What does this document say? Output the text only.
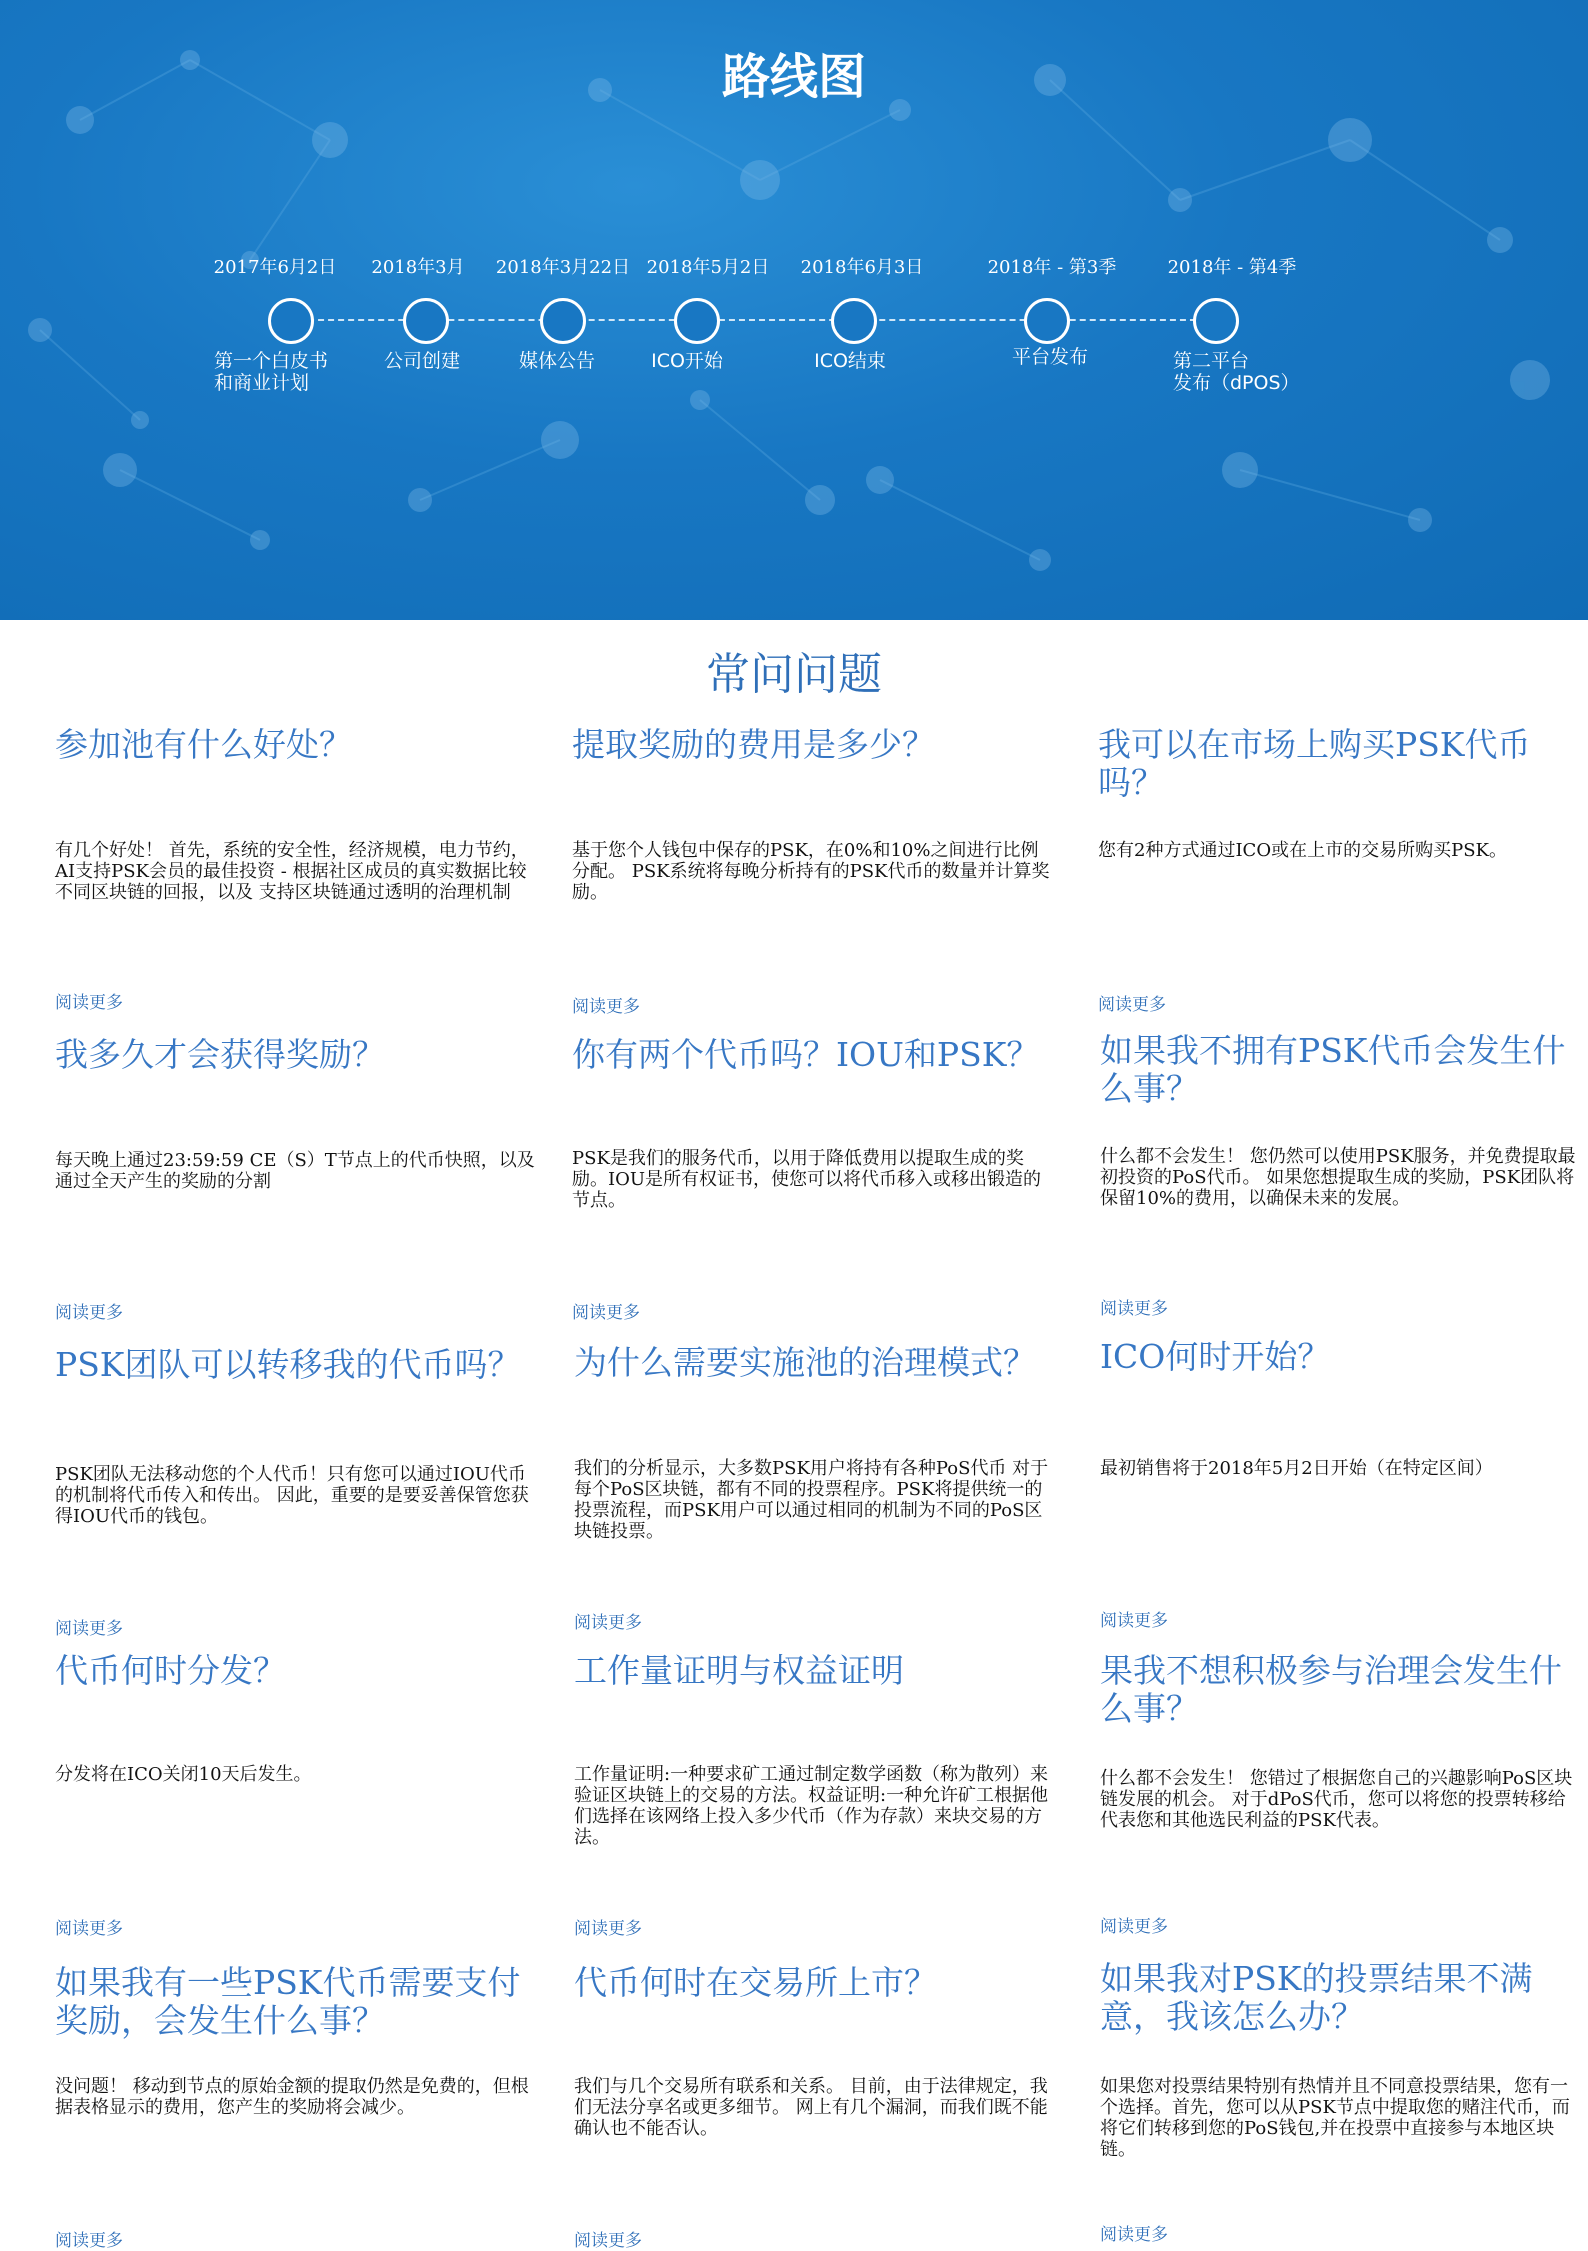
路线图
2017年6月2日
第一个白皮书
和商业计划
2018年3月
公司创建
2018年3月22日
媒体公告
2018年5月2日
ICO开始
2018年6月3日
ICO结束
2018年 - 第3季
平台发布
2018年 - 第4季
第二平台
发布（dPOS）
常问问题
参加池有什么好处？

有几个好处！ 首先，系统的安全性，经济规模，电力节约，AI支持PSK会员的最佳投资 - 根据社区成员的真实数据比较不同区块链的回报，以及 支持区块链通过透明的治理机制

阅读更多
提取奖励的费用是多少？

基于您个人钱包中保存的PSK，在0%和10%之间进行比例分配。 PSK系统将每晚分析持有的PSK代币的数量并计算奖励。

阅读更多
我可以在市场上购买PSK代币吗？

您有2种方式通过ICO或在上市的交易所购买PSK。

阅读更多
我多久才会获得奖励？

每天晚上通过23:59:59 CE（S）T节点上的代币快照，以及通过全天产生的奖励的分割

阅读更多
你有两个代币吗？IOU和PSK？

PSK是我们的服务代币，以用于降低费用以提取生成的奖励。IOU是所有权证书，使您可以将代币移入或移出锻造的节点。

阅读更多
如果我不拥有PSK代币会发生什么事？

什么都不会发生！ 您仍然可以使用PSK服务，并免费提取最初投资的PoS代币。 如果您想提取生成的奖励，PSK团队将保留10%的费用，以确保未来的发展。

阅读更多
PSK团队可以转移我的代币吗？

PSK团队无法移动您的个人代币！只有您可以通过IOU代币的机制将代币传入和传出。 因此，重要的是要妥善保管您获得IOU代币的钱包。

阅读更多
为什么需要实施池的治理模式？

我们的分析显示，大多数PSK用户将持有各种PoS代币 对于每个PoS区块链，都有不同的投票程序。PSK将提供统一的投票流程，而PSK用户可以通过相同的机制为不同的PoS区块链投票。

阅读更多
ICO何时开始？

最初销售将于2018年5月2日开始（在特定区间）

阅读更多
代币何时分发？

分发将在ICO关闭10天后发生。

阅读更多
工作量证明与权益证明

工作量证明:一种要求矿工通过制定数学函数（称为散列）来验证区块链上的交易的方法。权益证明:一种允许矿工根据他们选择在该网络上投入多少代币（作为存款）来块交易的方法。

阅读更多
果我不想积极参与治理会发生什么事？

什么都不会发生！ 您错过了根据您自己的兴趣影响PoS区块链发展的机会。 对于dPoS代币，您可以将您的投票转移给代表您和其他选民利益的PSK代表。

阅读更多
如果我有一些PSK代币需要支付奖励，会发生什么事？

没问题！ 移动到节点的原始金额的提取仍然是免费的，但根据表格显示的费用，您产生的奖励将会减少。

阅读更多
代币何时在交易所上市？

我们与几个交易所有联系和关系。 目前，由于法律规定，我们无法分享名或更多细节。 网上有几个漏洞，而我们既不能确认也不能否认。

阅读更多
如果我对PSK的投票结果不满意，我该怎么办？

如果您对投票结果特别有热情并且不同意投票结果，您有一个选择。首先，您可以从PSK节点中提取您的赌注代币，而将它们转移到您的PoS钱包,并在投票中直接参与本地区块链。

阅读更多
